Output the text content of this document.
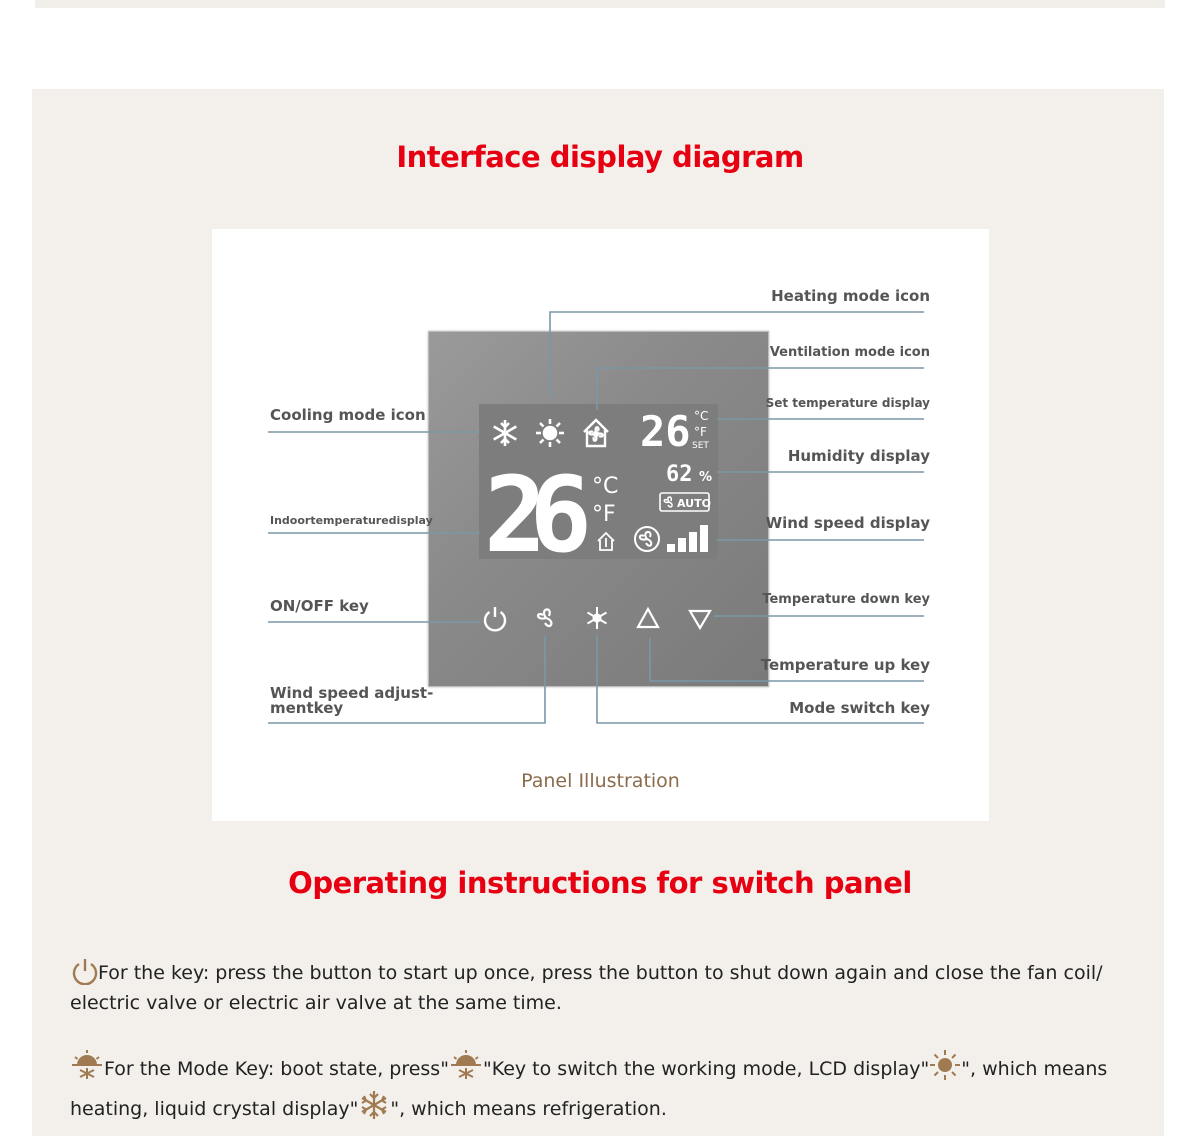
Interface display diagram
26 °C
°F
SET
62 %
26 °C
°F	AUTO
Heating mode icon
Ventilation mode icon
Set temperature display
Humidity display
Wind speed display
Temperature down key
Temperature up key
Mode switch key
Cooling mode icon
Indoortemperaturedisplay
ON/OFF key
Wind speed adjust-
mentkey
Panel Illustration
Operating instructions for switch panel
For the key: press the button to start up once, press the button to shut down again and close the fan coil/ electric valve or electric air valve at the same time.
For the Mode Key: boot state, press" "Key to switch the working mode, LCD display" ", which means heating, liquid crystal display" ", which means refrigeration.
